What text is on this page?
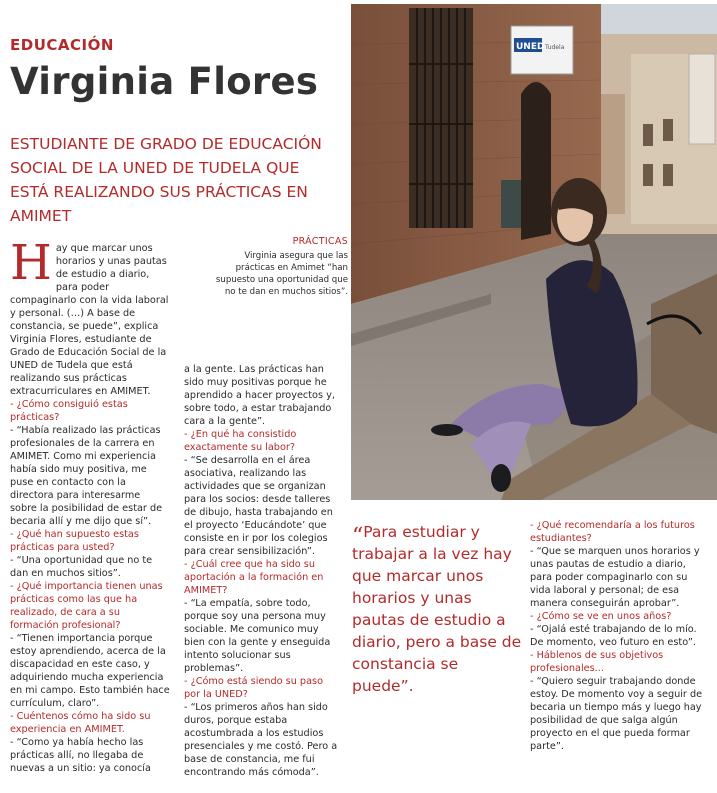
EDUCACIÓN
Virginia Flores
ESTUDIANTE DE GRADO DE EDUCACIÓN SOCIAL DE LA UNED DE TUDELA QUE ESTÁ REALIZANDO SUS PRÁCTICAS EN AMIMET
UNED Tudela
PRÁCTICAS
Virginia asegura que las prácticas en Amimet “han supuesto una oportunidad que no te dan en muchos sitios”.

Hay que marcar unos horarios y unas pautas de estudio a diario, para poder compaginarlo con la vida laboral y personal. (…) A base de constancia, se puede”, explica Virginia Flores, estudiante de Grado de Educación Social de la UNED de Tudela que está realizando sus prácticas extracurriculares en AMIMET.

- ¿Cómo consiguió estas prácticas?

- “Había realizado las prácticas profesionales de la carrera en AMIMET. Como mi experiencia había sido muy positiva, me puse en contacto con la directora para interesarme sobre la posibilidad de estar de becaria allí y me dijo que sí”.

- ¿Qué han supuesto estas prácticas para usted?

- “Una oportunidad que no te dan en muchos sitios”.

- ¿Qué importancia tienen unas prácticas como las que ha realizado, de cara a su formación profesional?

- “Tienen importancia porque estoy aprendiendo, acerca de la discapacidad en este caso, y adquiriendo mucha experiencia en mi campo. Esto también hace currículum, claro”.

- Cuéntenos cómo ha sido su experiencia en AMIMET.

- “Como ya había hecho las prácticas allí, no llegaba de nuevas a un sitio: ya conocía

a la gente. Las prácticas han sido muy positivas porque he aprendido a hacer proyectos y, sobre todo, a estar trabajando cara a la gente”.

- ¿En qué ha consistido exactamente su labor?

- “Se desarrolla en el área asociativa, realizando las actividades que se organizan para los socios: desde talleres de dibujo, hasta trabajando en el proyecto ‘Educándote’ que consiste en ir por los colegios para crear sensibilización”.

- ¿Cuál cree que ha sido su aportación a la formación en AMIMET?

- “La empatía, sobre todo, porque soy una persona muy sociable. Me comunico muy bien con la gente y enseguida intento solucionar sus problemas”.

- ¿Cómo está siendo su paso por la UNED?

- “Los primeros años han sido duros, porque estaba acostumbrada a los estudios presenciales y me costó. Pero a base de constancia, me fui encontrando más cómoda”.

“Para estudiar y trabajar a la vez hay que marcar unos horarios y unas pautas de estudio a diario, pero a base de constancia se puede”.

- ¿Qué recomendaría a los futuros estudiantes?

- “Que se marquen unos horarios y unas pautas de estudio a diario, para poder compaginarlo con su vida laboral y personal; de esa manera conseguirán aprobar”.

- ¿Cómo se ve en unos años?

- “Ojalá esté trabajando de lo mío. De momento, veo futuro en esto”.

- Háblenos de sus objetivos profesionales...

- “Quiero seguir trabajando donde estoy. De momento voy a seguir de becaria un tiempo más y luego hay posibilidad de que salga algún proyecto en el que pueda formar parte”.
